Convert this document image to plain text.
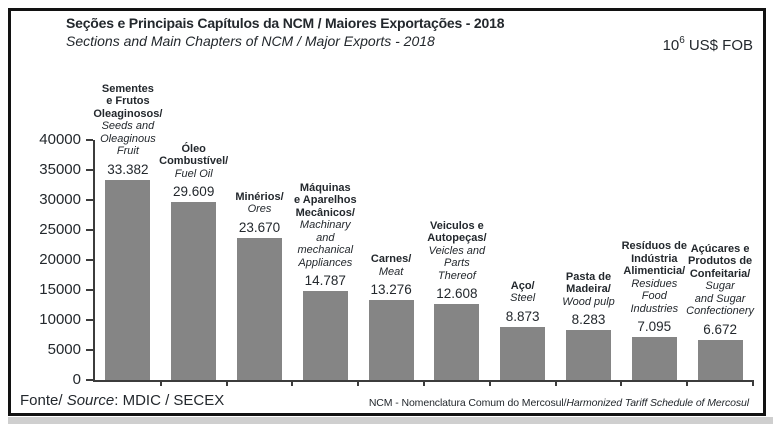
Seções e Principais Capítulos da NCM / Maiores Exportações - 2018
Sections and Main Chapters of NCM / Major Exports - 2018	$10^6$ US$ FOB
0
5000
10000
15000
20000
25000
30000
35000
40000
Sementes
e Frutos
Oleaginosos/
Seeds and
Oleaginous
Fruit
33.382
Óleo
Combustível/
Fuel Oil
29.609	Minérios/
Ores
23.670
Máquinas
e Aparelhos
Mecânicos/
Machinary
and
mechanical
Appliances
14.787
Carnes/
Meat
13.276
Veiculos e
Autopeças/
Veicles and
Parts
Thereof
12.608
Aço/
Steel
8.873
Pasta de
Madeira/
Wood pulp
8.283
Resíduos de
Indústria
Alimenticia/
Residues
Food
Industries
7.095
Açúcares e
Produtos de
Confeitaria/
Sugar
and Sugar
Confectionery
6.672
Fonte/ Source: MDIC / SECEX	NCM - Nomenclatura Comum do Mercosul/Harmonized Tariff Schedule of Mercosul
